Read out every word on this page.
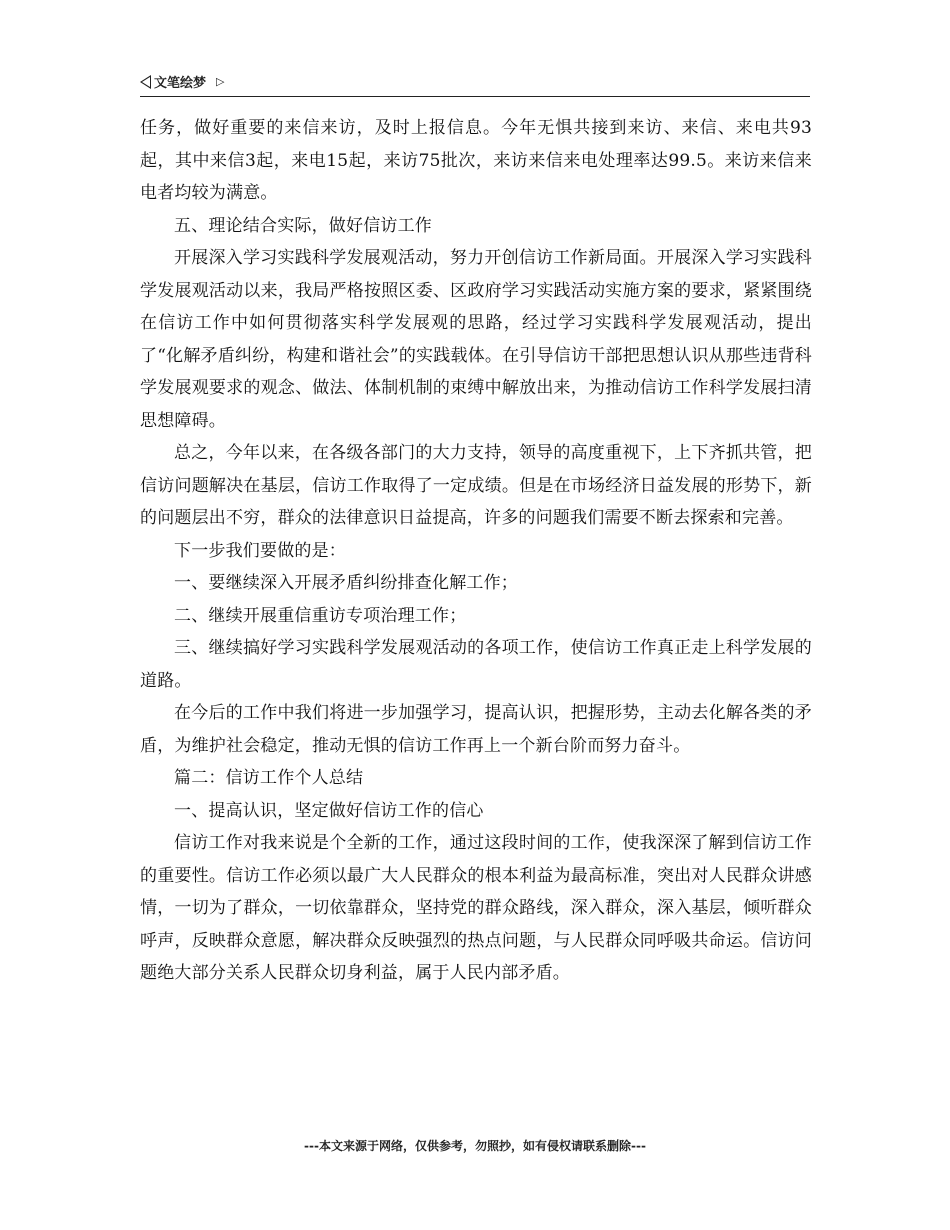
文笔绘梦 ▷

任务，做好重要的来信来访，及时上报信息。今年无惧共接到来访、来信、来电共93起，其中来信3起，来电15起，来访75批次，来访来信来电处理率达99.5。来访来信来电者均较为满意。

五、理论结合实际，做好信访工作

开展深入学习实践科学发展观活动，努力开创信访工作新局面。开展深入学习实践科学发展观活动以来，我局严格按照区委、区政府学习实践活动实施方案的要求，紧紧围绕在信访工作中如何贯彻落实科学发展观的思路，经过学习实践科学发展观活动，提出了“化解矛盾纠纷，构建和谐社会”的实践载体。在引导信访干部把思想认识从那些违背科学发展观要求的观念、做法、体制机制的束缚中解放出来，为推动信访工作科学发展扫清思想障碍。

总之，今年以来，在各级各部门的大力支持，领导的高度重视下，上下齐抓共管，把信访问题解决在基层，信访工作取得了一定成绩。但是在市场经济日益发展的形势下，新的问题层出不穷，群众的法律意识日益提高，许多的问题我们需要不断去探索和完善。

下一步我们要做的是：

一、要继续深入开展矛盾纠纷排查化解工作；

二、继续开展重信重访专项治理工作；

三、继续搞好学习实践科学发展观活动的各项工作，使信访工作真正走上科学发展的道路。

在今后的工作中我们将进一步加强学习，提高认识，把握形势，主动去化解各类的矛盾，为维护社会稳定，推动无惧的信访工作再上一个新台阶而努力奋斗。

篇二：信访工作个人总结

一、提高认识，坚定做好信访工作的信心

信访工作对我来说是个全新的工作，通过这段时间的工作，使我深深了解到信访工作的重要性。信访工作必须以最广大人民群众的根本利益为最高标准，突出对人民群众讲感情，一切为了群众，一切依靠群众，坚持党的群众路线，深入群众，深入基层，倾听群众呼声，反映群众意愿，解决群众反映强烈的热点问题，与人民群众同呼吸共命运。信访问题绝大部分关系人民群众切身利益，属于人民内部矛盾。

---本文来源于网络，仅供参考，勿照抄，如有侵权请联系删除---
